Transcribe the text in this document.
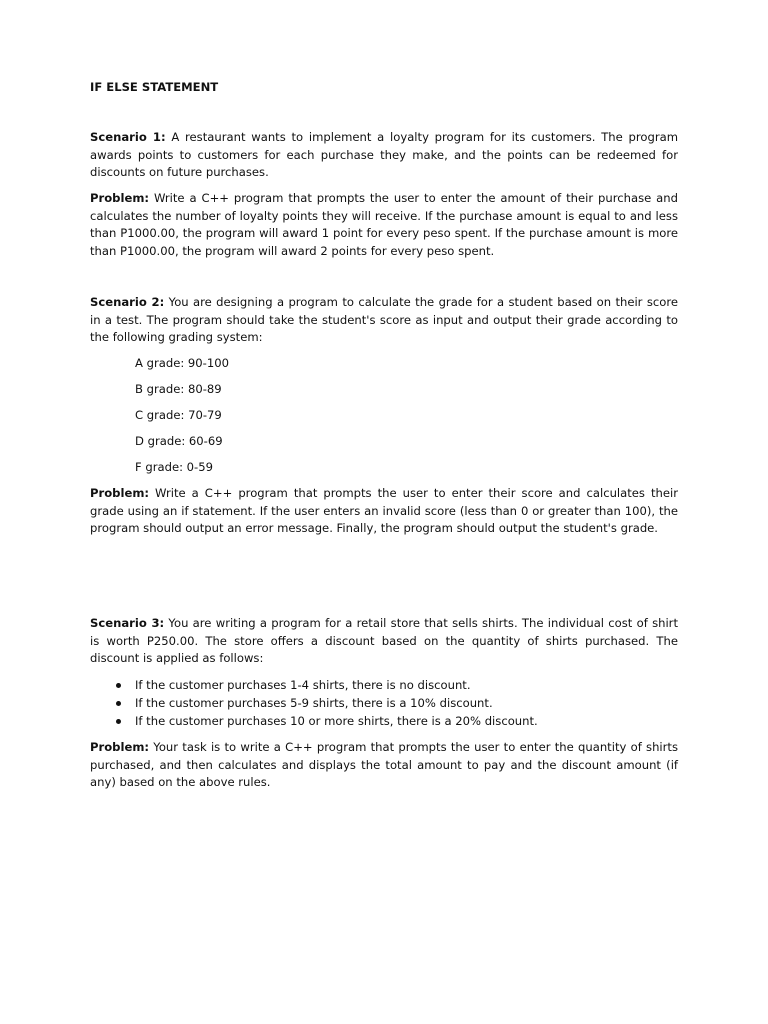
IF ELSE STATEMENT

Scenario 1: A restaurant wants to implement a loyalty program for its customers. The program awards points to customers for each purchase they make, and the points can be redeemed for discounts on future purchases.

Problem: Write a C++ program that prompts the user to enter the amount of their purchase and calculates the number of loyalty points they will receive. If the purchase amount is equal to and less than P1000.00, the program will award 1 point for every peso spent. If the purchase amount is more than P1000.00, the program will award 2 points for every peso spent.

Scenario 2: You are designing a program to calculate the grade for a student based on their score in a test. The program should take the student's score as input and output their grade according to the following grading system:

A grade: 90-100

B grade: 80-89

C grade: 70-79

D grade: 60-69

F grade: 0-59

Problem: Write a C++ program that prompts the user to enter their score and calculates their grade using an if statement. If the user enters an invalid score (less than 0 or greater than 100), the program should output an error message. Finally, the program should output the student's grade.

Scenario 3: You are writing a program for a retail store that sells shirts. The individual cost of shirt is worth P250.00. The store offers a discount based on the quantity of shirts purchased. The discount is applied as follows:

If the customer purchases 1-4 shirts, there is no discount.
If the customer purchases 5-9 shirts, there is a 10% discount.
If the customer purchases 10 or more shirts, there is a 20% discount.

Problem: Your task is to write a C++ program that prompts the user to enter the quantity of shirts purchased, and then calculates and displays the total amount to pay and the discount amount (if any) based on the above rules.
